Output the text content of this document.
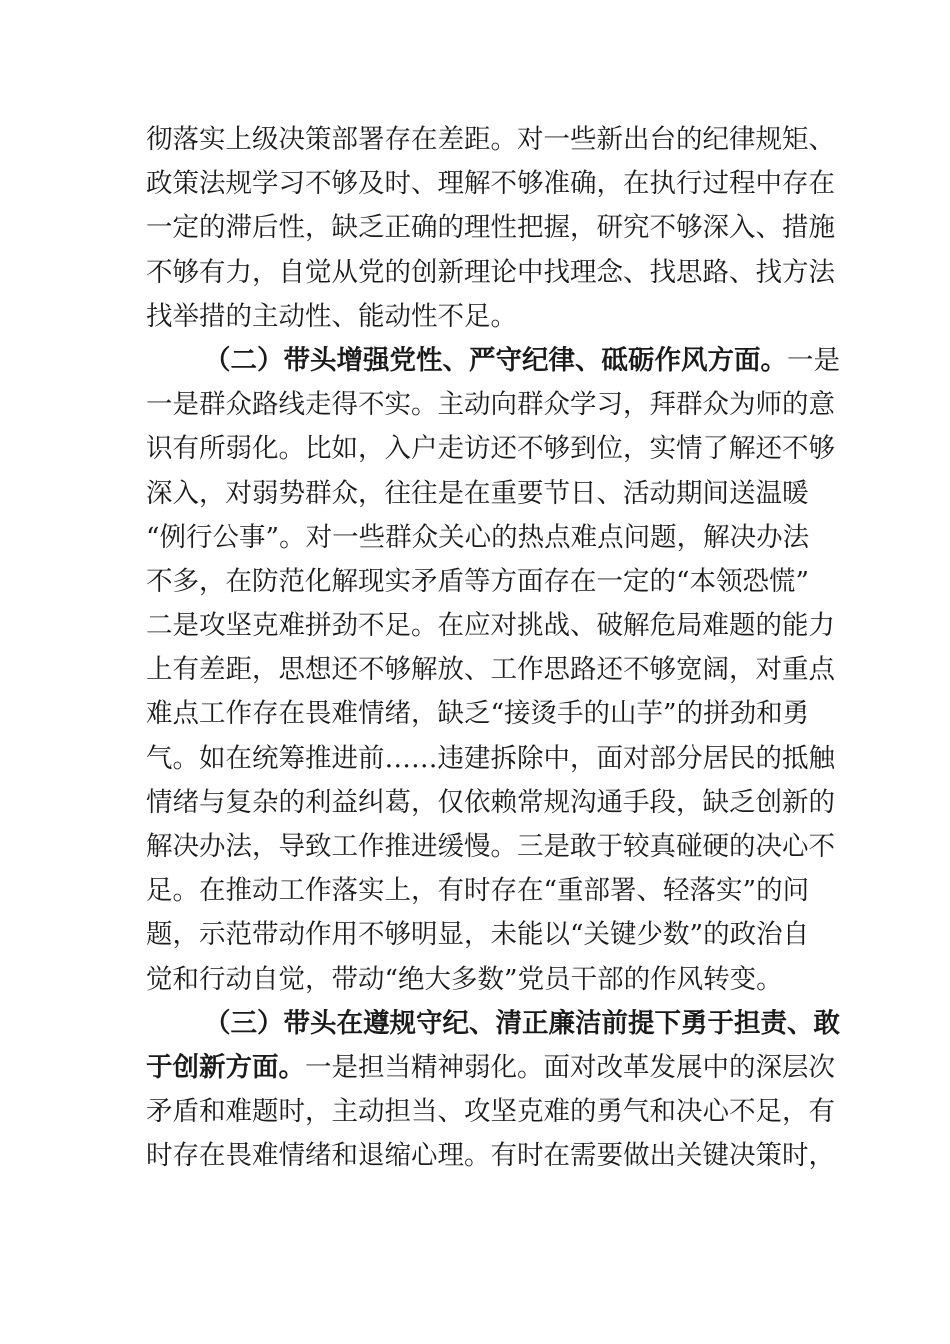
彻落实上级决策部署存在差距。对一些新出台的纪律规矩、
政策法规学习不够及时、理解不够准确，在执行过程中存在
一定的滞后性，缺乏正确的理性把握，研究不够深入、措施
不够有力，自觉从党的创新理论中找理念、找思路、找方法
找举措的主动性、能动性不足。
（二）带头增强党性、严守纪律、砥砺作风方面。一是
一是群众路线走得不实。主动向群众学习，拜群众为师的意
识有所弱化。比如，入户走访还不够到位，实情了解还不够
深入，对弱势群众，往往是在重要节日、活动期间送温暖
“例行公事”。对一些群众关心的热点难点问题，解决办法
不多，在防范化解现实矛盾等方面存在一定的“本领恐慌”
二是攻坚克难拼劲不足。在应对挑战、破解危局难题的能力
上有差距，思想还不够解放、工作思路还不够宽阔，对重点
难点工作存在畏难情绪，缺乏“接烫手的山芋”的拼劲和勇
气。如在统筹推进前……违建拆除中，面对部分居民的抵触
情绪与复杂的利益纠葛，仅依赖常规沟通手段，缺乏创新的
解决办法，导致工作推进缓慢。三是敢于较真碰硬的决心不
足。在推动工作落实上，有时存在“重部署、轻落实”的问
题，示范带动作用不够明显，未能以“关键少数”的政治自
觉和行动自觉，带动“绝大多数”党员干部的作风转变。
（三）带头在遵规守纪、清正廉洁前提下勇于担责、敢
于创新方面。一是担当精神弱化。面对改革发展中的深层次
矛盾和难题时，主动担当、攻坚克难的勇气和决心不足，有
时存在畏难情绪和退缩心理。有时在需要做出关键决策时，
